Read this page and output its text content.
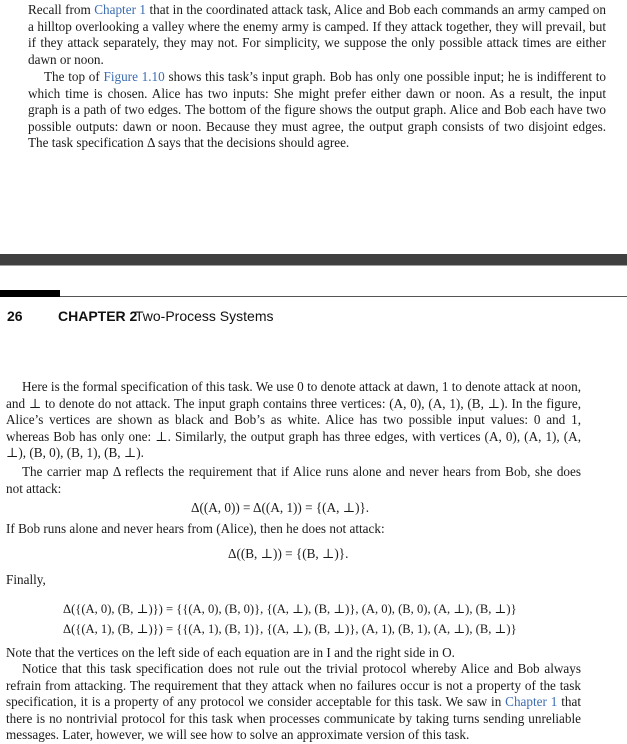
Recall from Chapter 1 that in the coordinated attack task, Alice and Bob each commands an army camped on a hilltop overlooking a valley where the enemy army is camped. If they attack together, they will prevail, but if they attack separately, they may not. For simplicity, we suppose the only possible attack times are either dawn or noon.
The top of Figure 1.10 shows this task’s input graph. Bob has only one possible input; he is indifferent to which time is chosen. Alice has two inputs: She might prefer either dawn or noon. As a result, the input graph is a path of two edges. The bottom of the figure shows the output graph. Alice and Bob each have two possible outputs: dawn or noon. Because they must agree, the output graph consists of two disjoint edges. The task specification Δ says that the decisions should agree.
26	CHAPTER 2
Two-Process Systems
Here is the formal specification of this task. We use 0 to denote attack at dawn, 1 to denote attack at noon, and ⊥ to denote do not attack. The input graph contains three vertices: (A, 0), (A, 1), (B, ⊥). In the figure, Alice’s vertices are shown as black and Bob’s as white. Alice has two possible input values: 0 and 1, whereas Bob has only one: ⊥. Similarly, the output graph has three edges, with vertices (A, 0), (A, 1), (A, ⊥), (B, 0), (B, 1), (B, ⊥).
The carrier map Δ reflects the requirement that if Alice runs alone and never hears from Bob, she does not attack:
Δ((A, 0)) = Δ((A, 1)) = {(A, ⊥)}.
If Bob runs alone and never hears from (Alice), then he does not attack:
Δ((B, ⊥)) = {(B, ⊥)}.
Finally,
Δ({(A, 0), (B, ⊥)}) = {{(A, 0), (B, 0)}, {(A, ⊥), (B, ⊥)}, (A, 0), (B, 0), (A, ⊥), (B, ⊥)}
Δ({(A, 1), (B, ⊥)}) = {{(A, 1), (B, 1)}, {(A, ⊥), (B, ⊥)}, (A, 1), (B, 1), (A, ⊥), (B, ⊥)}
Note that the vertices on the left side of each equation are in I and the right side in O.
Notice that this task specification does not rule out the trivial protocol whereby Alice and Bob always refrain from attacking. The requirement that they attack when no failures occur is not a property of the task specification, it is a property of any protocol we consider acceptable for this task. We saw in Chapter 1 that there is no nontrivial protocol for this task when processes communicate by taking turns sending unreliable messages. Later, however, we will see how to solve an approximate version of this task.
